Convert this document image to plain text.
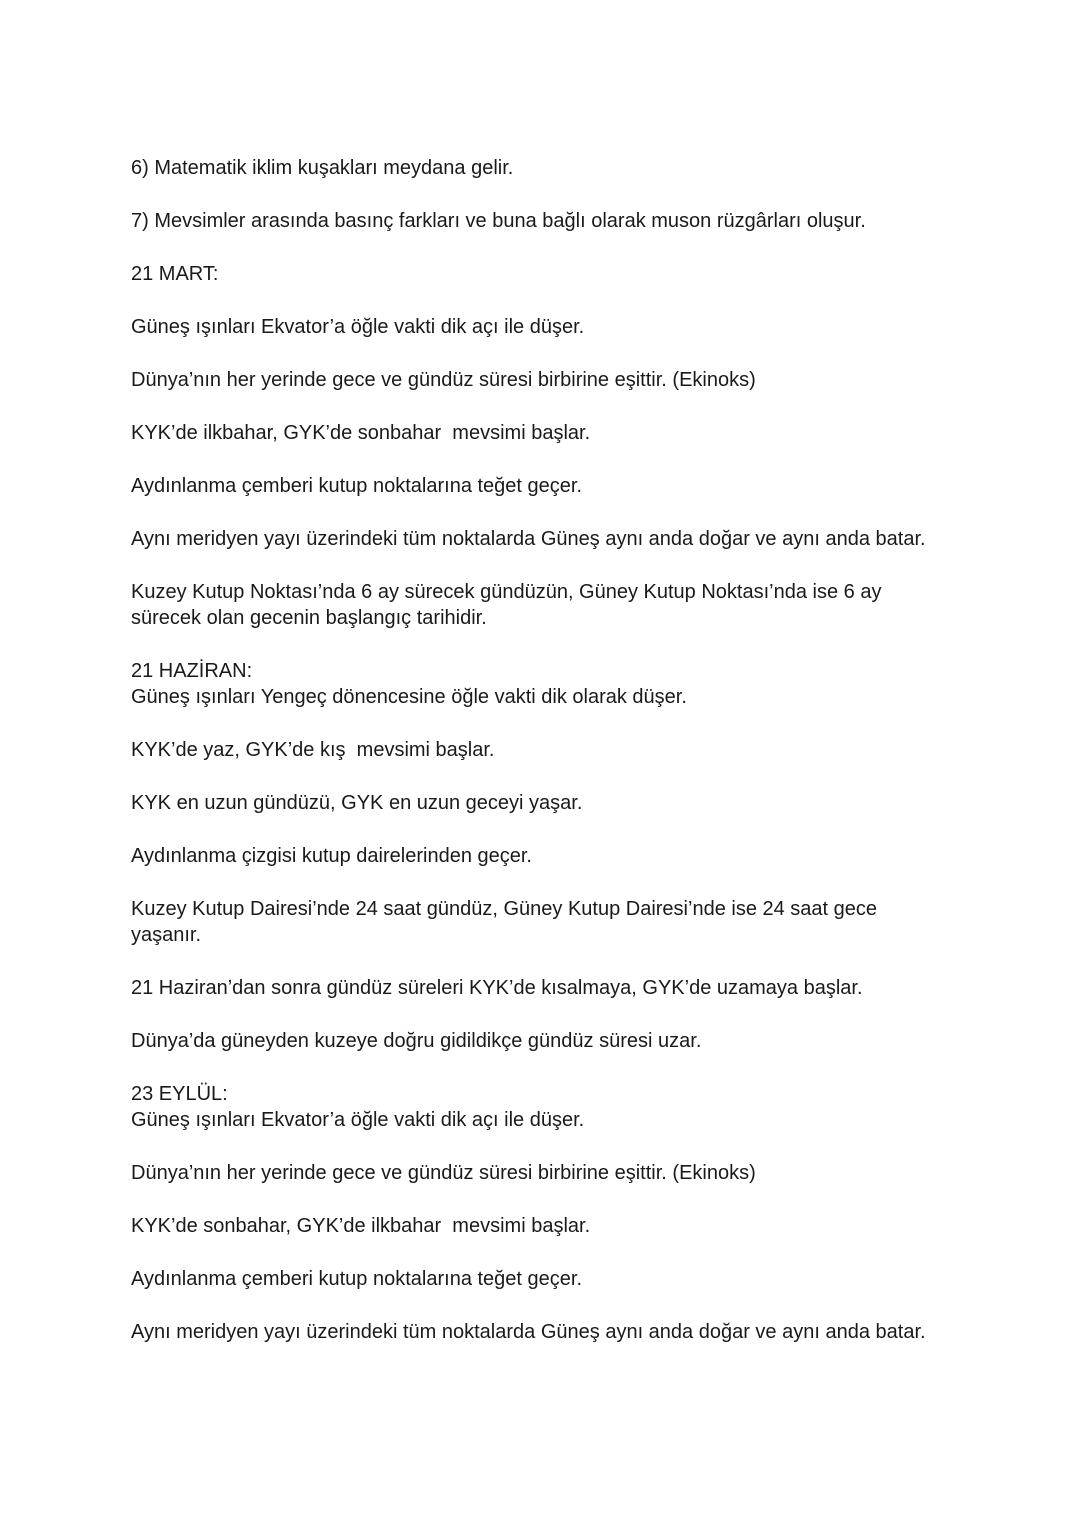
6) Matematik iklim kuşakları meydana gelir.

7) Mevsimler arasında basınç farkları ve buna bağlı olarak muson rüzgârları oluşur.

21 MART:

Güneş ışınları Ekvator’a öğle vakti dik açı ile düşer.

Dünya’nın her yerinde gece ve gündüz süresi birbirine eşittir. (Ekinoks)

KYK’de ilkbahar, GYK’de sonbahar  mevsimi başlar.

Aydınlanma çemberi kutup noktalarına teğet geçer.

Aynı meridyen yayı üzerindeki tüm noktalarda Güneş aynı anda doğar ve aynı anda batar.

Kuzey Kutup Noktası’nda 6 ay sürecek gündüzün, Güney Kutup Noktası’nda ise 6 ay sürecek olan gecenin başlangıç tarihidir.

21 HAZİRAN:

Güneş ışınları Yengeç dönencesine öğle vakti dik olarak düşer.

KYK’de yaz, GYK’de kış  mevsimi başlar.

KYK en uzun gündüzü, GYK en uzun geceyi yaşar.

Aydınlanma çizgisi kutup dairelerinden geçer.

Kuzey Kutup Dairesi’nde 24 saat gündüz, Güney Kutup Dairesi’nde ise 24 saat gece yaşanır.

21 Haziran’dan sonra gündüz süreleri KYK’de kısalmaya, GYK’de uzamaya başlar.

Dünya’da güneyden kuzeye doğru gidildikçe gündüz süresi uzar.

23 EYLÜL:

Güneş ışınları Ekvator’a öğle vakti dik açı ile düşer.

Dünya’nın her yerinde gece ve gündüz süresi birbirine eşittir. (Ekinoks)

KYK’de sonbahar, GYK’de ilkbahar  mevsimi başlar.

Aydınlanma çemberi kutup noktalarına teğet geçer.

Aynı meridyen yayı üzerindeki tüm noktalarda Güneş aynı anda doğar ve aynı anda batar.
